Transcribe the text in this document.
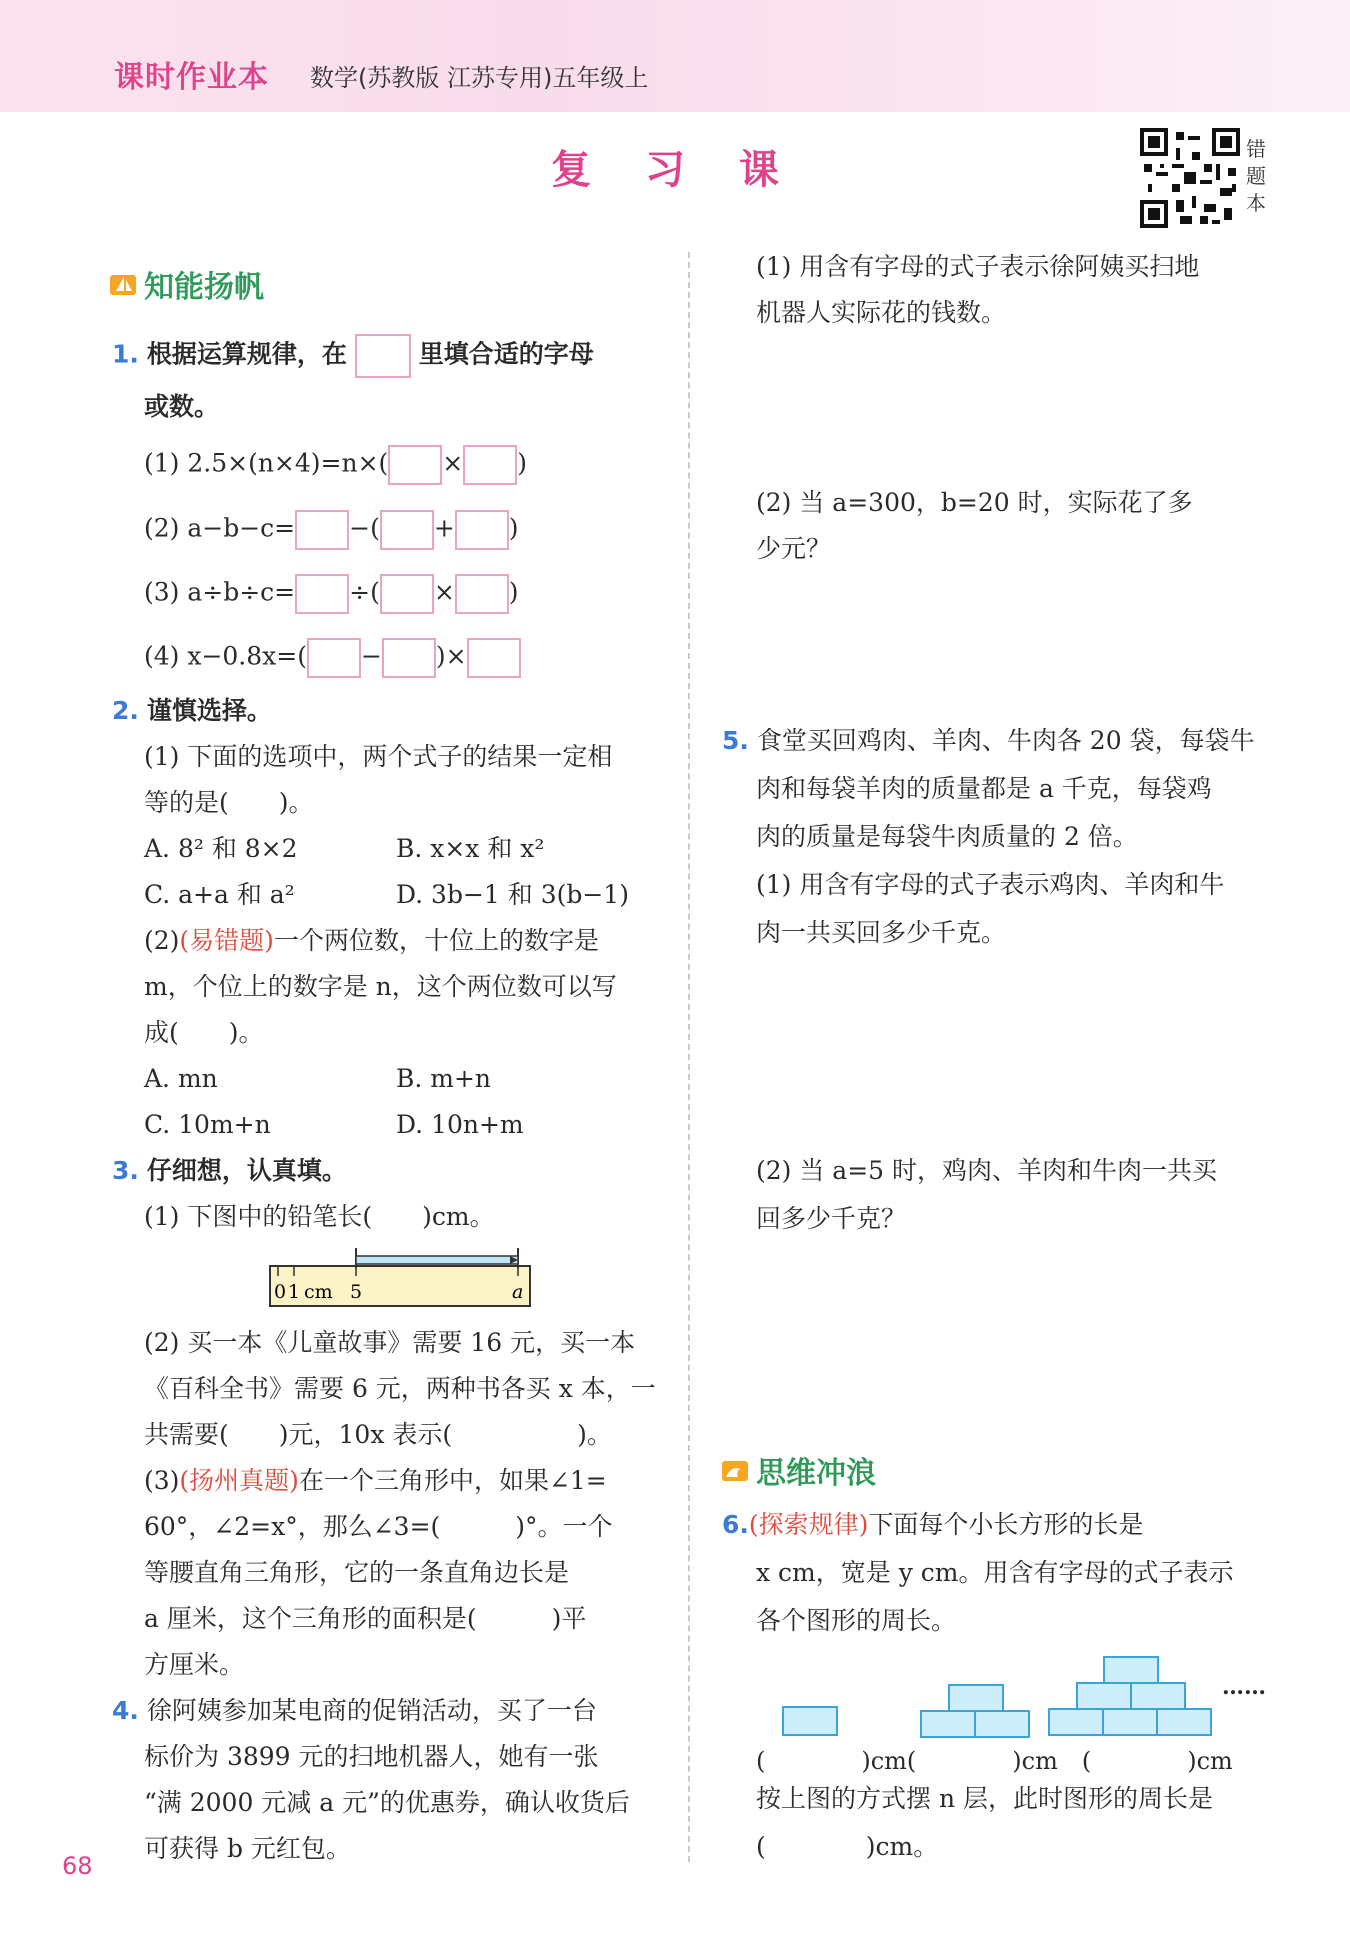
课时作业本 数学(苏教版 江苏专用)五年级上
复 习 课	错题本
知能扬帆
1. 根据运算规律，在	里填合适的字母
或数。
(1) 2.5×(n×4)=n×( × )
(2) a−b−c= −( + )
(3) a÷b÷c= ÷( × )
(4) x−0.8x=( − )×
2. 谨慎选择。
(1) 下面的选项中，两个式子的结果一定相
等的是(　　)。
A. 8² 和 8×2	B. x×x 和 x²
C. a+a 和 a²	D. 3b−1 和 3(b−1)
(2)(易错题)一个两位数，十位上的数字是
m，个位上的数字是 n，这个两位数可以写
成(　　)。
A. mn	B. m+n
C. 10m+n	D. 10n+m
3. 仔细想，认真填。
(1) 下图中的铅笔长(　　)cm。
0 1 cm 5	a
(2) 买一本《儿童故事》需要 16 元，买一本
《百科全书》需要 6 元，两种书各买 x 本，一
共需要(　　)元，10x 表示(　　　　　)。
(3)(扬州真题)在一个三角形中，如果∠1=
60°，∠2=x°，那么∠3=(　　　)°。一个
等腰直角三角形，它的一条直角边长是
a 厘米，这个三角形的面积是(　　　)平
方厘米。
4. 徐阿姨参加某电商的促销活动，买了一台
标价为 3899 元的扫地机器人，她有一张
“满 2000 元减 a 元”的优惠券，确认收货后
可获得 b 元红包。
68
(1) 用含有字母的式子表示徐阿姨买扫地
机器人实际花的钱数。
(2) 当 a=300，b=20 时，实际花了多
少元？
5. 食堂买回鸡肉、羊肉、牛肉各 20 袋，每袋牛
肉和每袋羊肉的质量都是 a 千克，每袋鸡
肉的质量是每袋牛肉质量的 2 倍。
(1) 用含有字母的式子表示鸡肉、羊肉和牛
肉一共买回多少千克。
(2) 当 a=5 时，鸡肉、羊肉和牛肉一共买
回多少千克？
思维冲浪
6.(探索规律)下面每个小长方形的长是
x cm，宽是 y cm。用含有字母的式子表示
各个图形的周长。
……
(　　　　)cm(　　　　)cm　(　　　　)cm
按上图的方式摆 n 层，此时图形的周长是
(　　　　)cm。
